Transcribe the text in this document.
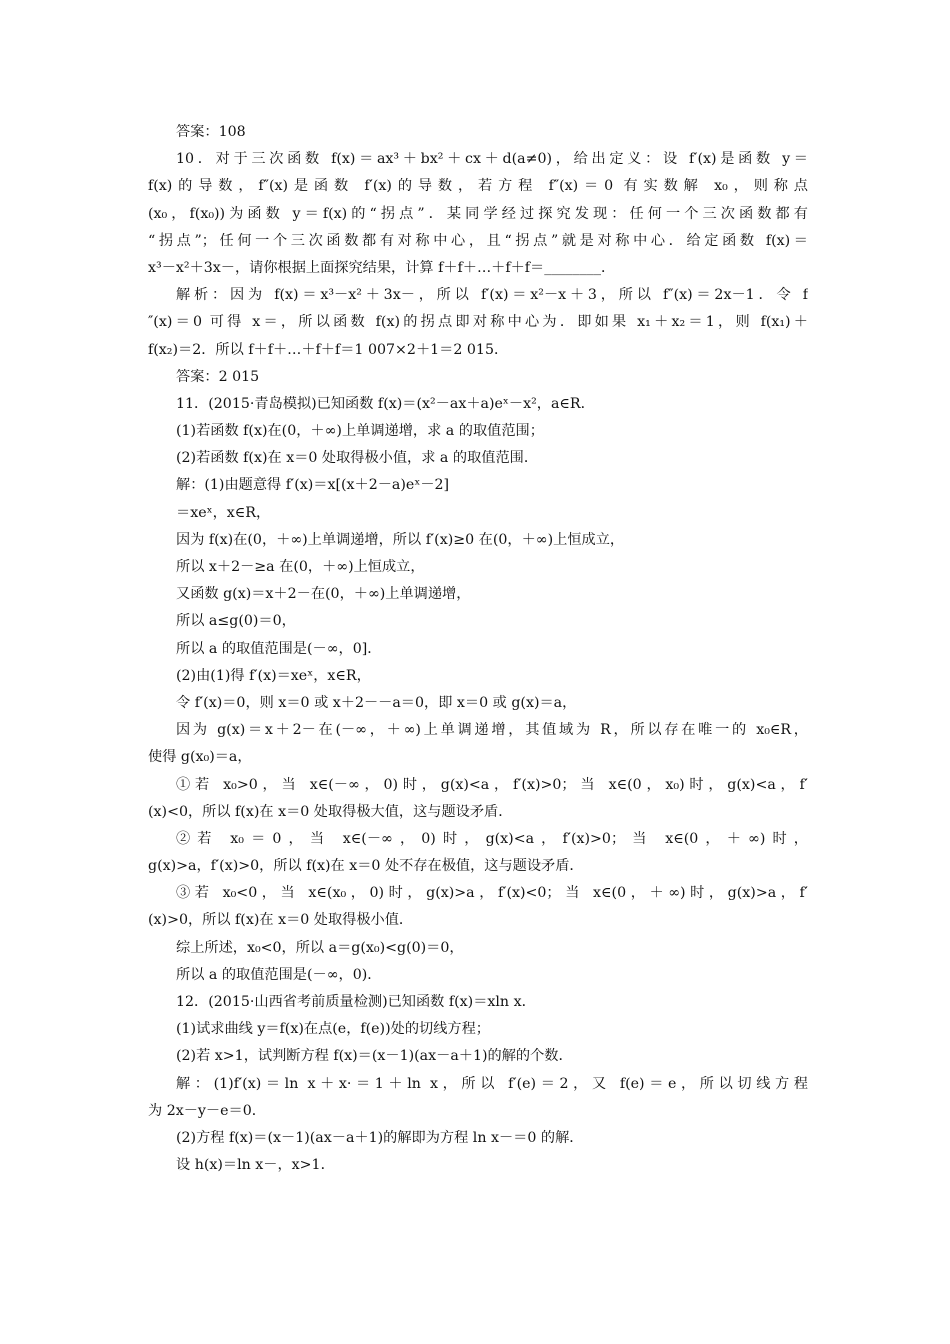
答案：108
10．对于三次函数 f(x)＝ax³＋bx²＋cx＋d(a≠0)，给出定义：设 f′(x)是函数 y＝
f(x)的导数，f″(x)是函数 f′(x)的导数，若方程 f″(x)＝0 有实数解 x₀，则称点
(x₀，f(x₀))为函数 y＝f(x)的“拐点”．某同学经过探究发现：任何一个三次函数都有
“拐点”；任何一个三次函数都有对称中心，且“拐点”就是对称中心．给定函数 f(x)＝
x³－x²＋3x－，请你根据上面探究结果，计算 f＋f＋…＋f＋f＝________．
解析：因为 f(x)＝x³－x²＋3x－，所以 f′(x)＝x²－x＋3，所以 f″(x)＝2x－1．令 f
″(x)＝0 可得 x＝，所以函数 f(x)的拐点即对称中心为．即如果 x₁＋x₂＝1，则 f(x₁)＋
f(x₂)＝2．所以 f＋f＋…＋f＋f＝1 007×2＋1＝2 015．
答案：2 015
11．(2015·青岛模拟)已知函数 f(x)＝(x²－ax＋a)eˣ－x²，a∈R．
(1)若函数 f(x)在(0，＋∞)上单调递增，求 a 的取值范围；
(2)若函数 f(x)在 x＝0 处取得极小值，求 a 的取值范围．
解：(1)由题意得 f′(x)＝x[(x＋2－a)eˣ－2]
＝xeˣ，x∈R，
因为 f(x)在(0，＋∞)上单调递增，所以 f′(x)≥0 在(0，＋∞)上恒成立，
所以 x＋2－≥a 在(0，＋∞)上恒成立，
又函数 g(x)＝x＋2－在(0，＋∞)上单调递增，
所以 a≤g(0)＝0，
所以 a 的取值范围是(－∞，0]．
(2)由(1)得 f′(x)＝xeˣ，x∈R，
令 f′(x)＝0，则 x＝0 或 x＋2－－a＝0，即 x＝0 或 g(x)＝a，
因为 g(x)＝x＋2－在(－∞，＋∞)上单调递增，其值域为 R，所以存在唯一的 x₀∈R，
使得 g(x₀)＝a，
①若 x₀>0，当 x∈(－∞，0)时，g(x)<a，f′(x)>0；当 x∈(0，x₀)时，g(x)<a，f′
(x)<0，所以 f(x)在 x＝0 处取得极大值，这与题设矛盾．
②若 x₀＝0，当 x∈(－∞，0)时，g(x)<a，f′(x)>0；当 x∈(0，＋∞)时，
g(x)>a，f′(x)>0，所以 f(x)在 x＝0 处不存在极值，这与题设矛盾．
③若 x₀<0，当 x∈(x₀，0)时，g(x)>a，f′(x)<0；当 x∈(0，＋∞)时，g(x)>a，f′
(x)>0，所以 f(x)在 x＝0 处取得极小值．
综上所述，x₀<0，所以 a＝g(x₀)<g(0)＝0，
所以 a 的取值范围是(－∞，0)．
12．(2015·山西省考前质量检测)已知函数 f(x)＝xln x．
(1)试求曲线 y＝f(x)在点(e，f(e))处的切线方程；
(2)若 x>1，试判断方程 f(x)＝(x－1)(ax－a＋1)的解的个数．
解：(1)f′(x)＝ln x＋x·＝1＋ln x，所以 f′(e)＝2，又 f(e)＝e，所以切线方程
为 2x－y－e＝0．
(2)方程 f(x)＝(x－1)(ax－a＋1)的解即为方程 ln x－＝0 的解．
设 h(x)＝ln x－，x>1．
